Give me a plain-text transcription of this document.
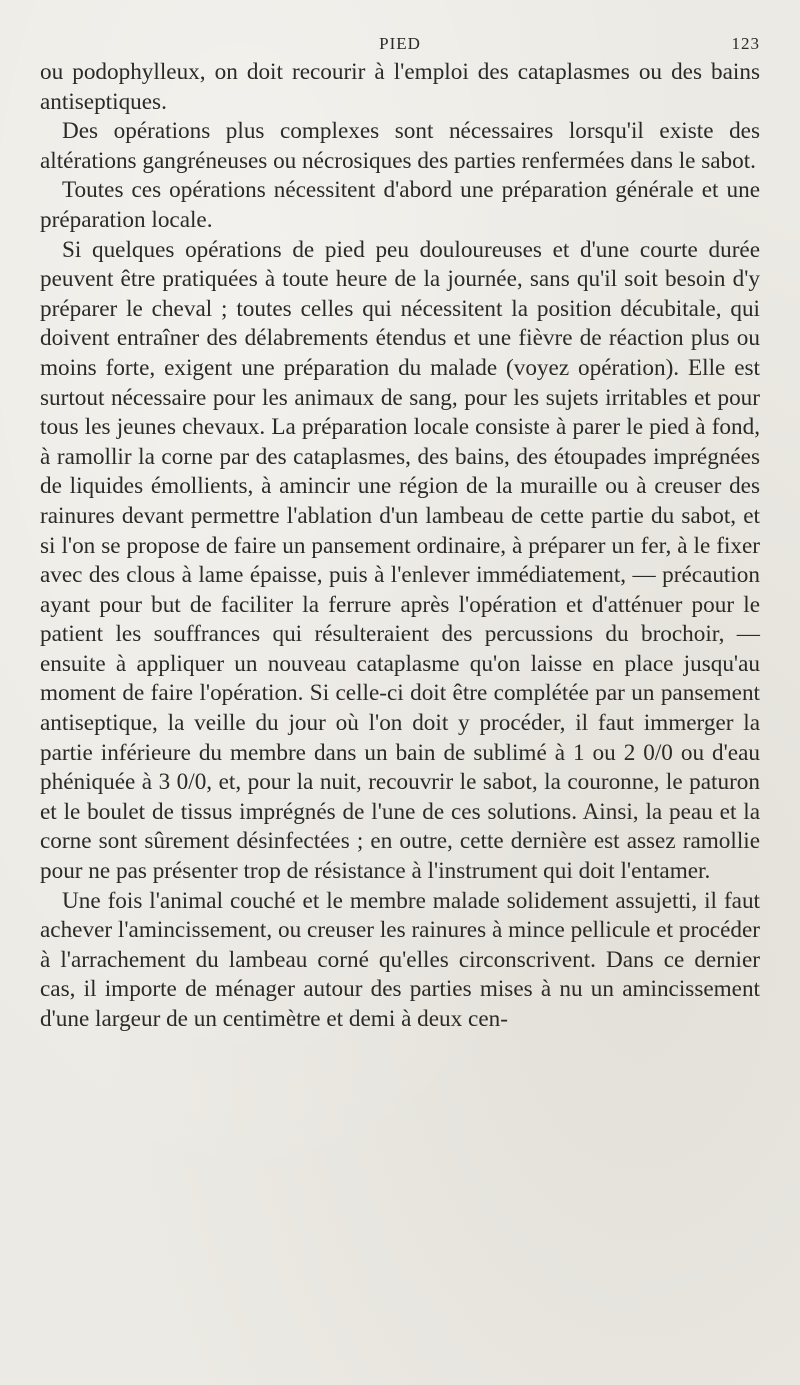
PIED	123

ou podophylleux, on doit recourir à l'emploi des cataplasmes ou des bains antiseptiques.

Des opérations plus complexes sont nécessaires lorsqu'il existe des altérations gangréneuses ou nécrosiques des parties renfermées dans le sabot.

Toutes ces opérations nécessitent d'abord une préparation générale et une préparation locale.

Si quelques opérations de pied peu douloureuses et d'une courte durée peuvent être pratiquées à toute heure de la journée, sans qu'il soit besoin d'y préparer le cheval ; toutes celles qui nécessitent la position décubitale, qui doivent entraîner des délabrements étendus et une fièvre de réaction plus ou moins forte, exigent une préparation du malade (voyez opération). Elle est surtout nécessaire pour les animaux de sang, pour les sujets irritables et pour tous les jeunes chevaux. La préparation locale consiste à parer le pied à fond, à ramollir la corne par des cataplasmes, des bains, des étoupades imprégnées de liquides émollients, à amincir une région de la muraille ou à creuser des rainures devant permettre l'ablation d'un lambeau de cette partie du sabot, et si l'on se propose de faire un pansement ordinaire, à préparer un fer, à le fixer avec des clous à lame épaisse, puis à l'enlever immédiatement, — précaution ayant pour but de faciliter la ferrure après l'opération et d'atténuer pour le patient les souffrances qui résulteraient des percussions du brochoir, — ensuite à appliquer un nouveau cataplasme qu'on laisse en place jusqu'au moment de faire l'opération. Si celle-ci doit être complétée par un pansement antiseptique, la veille du jour où l'on doit y procéder, il faut immerger la partie inférieure du membre dans un bain de sublimé à 1 ou 2 0/0 ou d'eau phéniquée à 3 0/0, et, pour la nuit, recouvrir le sabot, la couronne, le paturon et le boulet de tissus imprégnés de l'une de ces solutions. Ainsi, la peau et la corne sont sûrement désinfectées ; en outre, cette dernière est assez ramollie pour ne pas présenter trop de résistance à l'instrument qui doit l'entamer.

Une fois l'animal couché et le membre malade solidement assujetti, il faut achever l'amincissement, ou creuser les rainures à mince pellicule et procéder à l'arrachement du lambeau corné qu'elles circonscrivent. Dans ce dernier cas, il importe de ménager autour des parties mises à nu un amincissement d'une largeur de un centimètre et demi à deux cen-
